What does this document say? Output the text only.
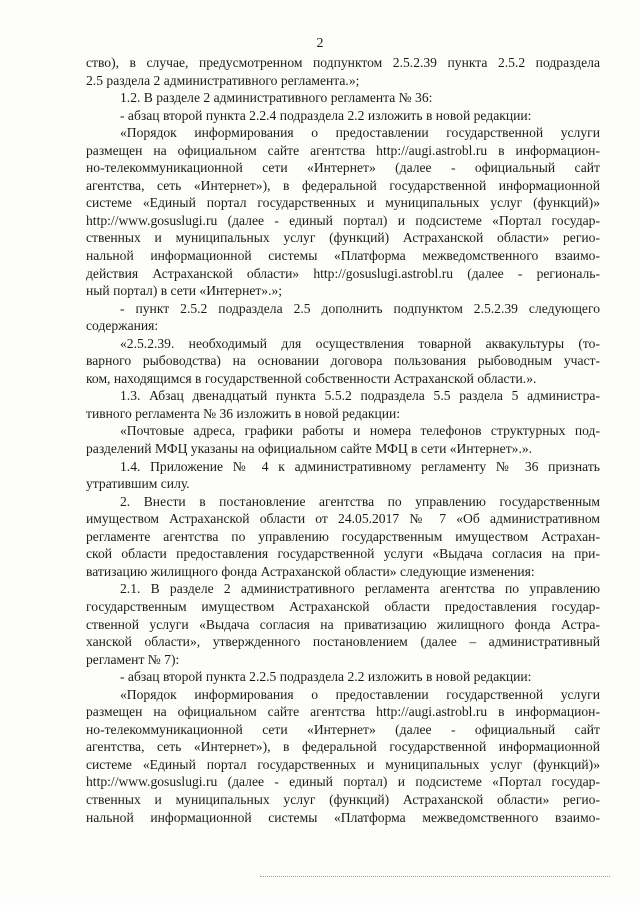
2
ство), в случае, предусмотренном подпунктом 2.5.2.39 пункта 2.5.2 подраздела
2.5 раздела 2 административного регламента.»;
1.2. В разделе 2 административного регламента № 36:
- абзац второй пункта 2.2.4 подраздела 2.2 изложить в новой редакции:
«Порядок информирования о предоставлении государственной услуги
размещен на официальном сайте агентства http://augi.astrobl.ru в информацион-
но-телекоммуникационной сети «Интернет» (далее - официальный сайт
агентства, сеть «Интернет»), в федеральной государственной информационной
системе «Единый портал государственных и муниципальных услуг (функций)»
http://www.gosuslugi.ru (далее - единый портал) и подсистеме «Портал государ-
ственных и муниципальных услуг (функций) Астраханской области» регио-
нальной информационной системы «Платформа межведомственного взаимо-
действия Астраханской области» http://gosuslugi.astrobl.ru (далее - региональ-
ный портал) в сети «Интернет».»;
- пункт 2.5.2 подраздела 2.5 дополнить подпунктом 2.5.2.39 следующего
содержания:
«2.5.2.39. необходимый для осуществления товарной аквакультуры (то-
варного рыбоводства) на основании договора пользования рыбоводным участ-
ком, находящимся в государственной собственности Астраханской области.».
1.3. Абзац двенадцатый пункта 5.5.2 подраздела 5.5 раздела 5 администра-
тивного регламента № 36 изложить в новой редакции:
«Почтовые адреса, графики работы и номера телефонов структурных под-
разделений МФЦ указаны на официальном сайте МФЦ в сети «Интернет».».
1.4. Приложение № 4 к административному регламенту № 36 признать
утратившим силу.
2. Внести в постановление агентства по управлению государственным
имуществом Астраханской области от 24.05.2017 № 7 «Об административном
регламенте агентства по управлению государственным имуществом Астрахан-
ской области предоставления государственной услуги «Выдача согласия на при-
ватизацию жилищного фонда Астраханской области» следующие изменения:
2.1. В разделе 2 административного регламента агентства по управлению
государственным имуществом Астраханской области предоставления государ-
ственной услуги «Выдача согласия на приватизацию жилищного фонда Астра-
ханской области», утвержденного постановлением (далее – административный
регламент № 7):
- абзац второй пункта 2.2.5 подраздела 2.2 изложить в новой редакции:
«Порядок информирования о предоставлении государственной услуги
размещен на официальном сайте агентства http://augi.astrobl.ru в информацион-
но-телекоммуникационной сети «Интернет» (далее - официальный сайт
агентства, сеть «Интернет»), в федеральной государственной информационной
системе «Единый портал государственных и муниципальных услуг (функций)»
http://www.gosuslugi.ru (далее - единый портал) и подсистеме «Портал государ-
ственных и муниципальных услуг (функций) Астраханской области» регио-
нальной информационной системы «Платформа межведомственного взаимо-
